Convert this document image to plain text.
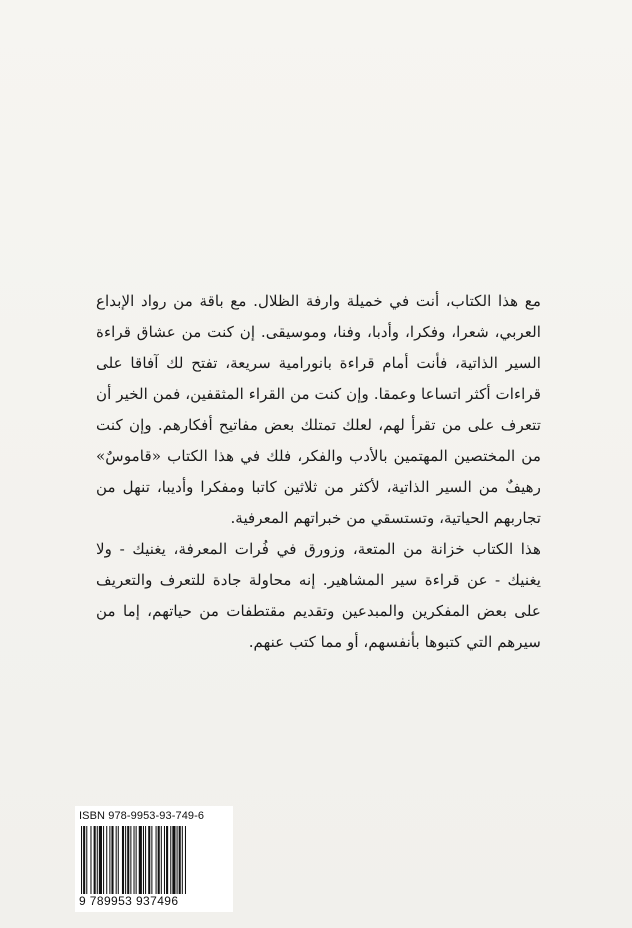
مع هذا الكتاب، أنت في خميلة وارفة الظلال. مع باقة من رواد الإبداع العربي، شعرا، وفكرا، وأدبا، وفنا، وموسيقى. إن كنت من عشاق قراءة السير الذاتية، فأنت أمام قراءة بانورامية سريعة، تفتح لك آفاقا على قراءات أكثر اتساعا وعمقا. وإن كنت من القراء المثقفين، فمن الخير أن تتعرف على من تقرأ لهم، لعلك تمتلك بعض مفاتيح أفكارهم. وإن كنت من المختصين المهتمين بالأدب والفكر، فلك في هذا الكتاب «قاموسٌ» رهيفٌ من السير الذاتية، لأكثر من ثلاثين كاتبا ومفكرا وأديبا، تنهل من تجاربهم الحياتية، وتستسقي من خبراتهم المعرفية.

هذا الكتاب خزانة من المتعة، وزورق في فُرات المعرفة، يغنيك - ولا يغنيك - عن قراءة سير المشاهير. إنه محاولة جادة للتعرف والتعريف على بعض المفكرين والمبدعين وتقديم مقتطفات من حياتهم، إما من سيرهم التي كتبوها بأنفسهم، أو مما كتب عنهم.

ISBN 978-9953-93-749-6
9 789953 937496
